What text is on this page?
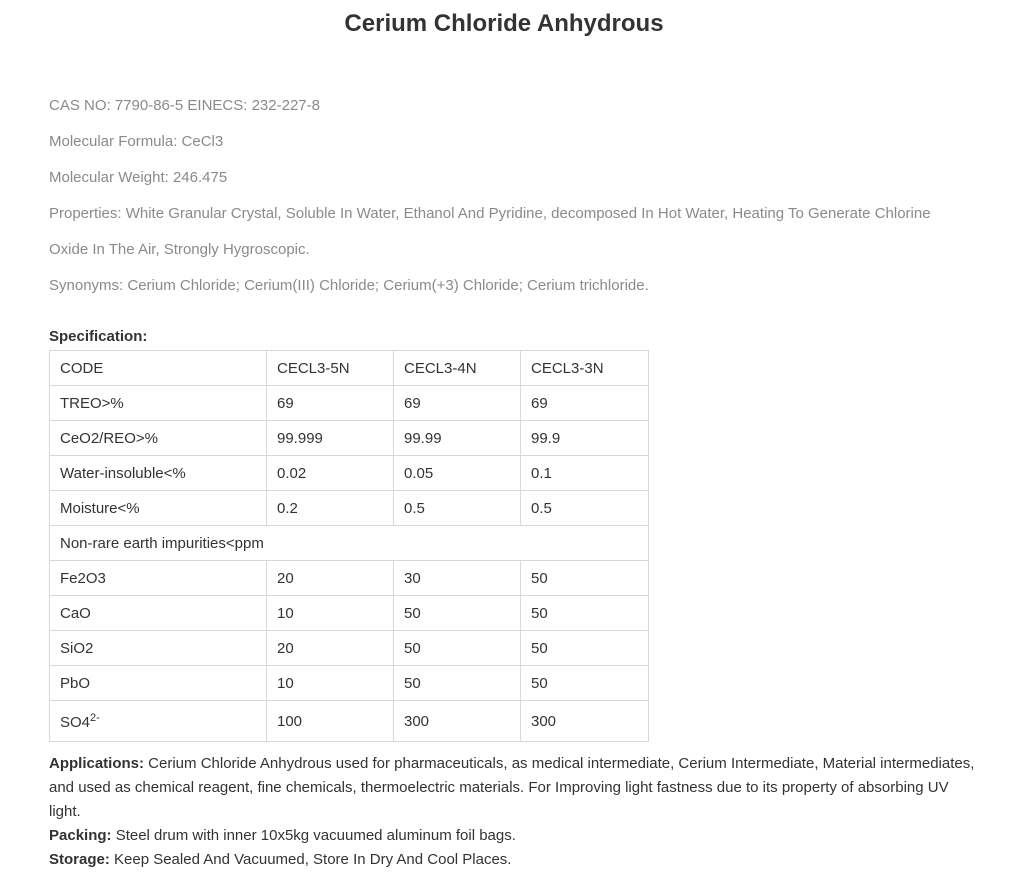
Cerium Chloride Anhydrous

CAS NO: 7790-86-5 EINECS: 232-227-8

Molecular Formula: CeCl3

Molecular Weight: 246.475

Properties: White Granular Crystal, Soluble In Water, Ethanol And Pyridine, decomposed In Hot Water, Heating To Generate Chlorine

Oxide In The Air, Strongly Hygroscopic.

Synonyms: Cerium Chloride; Cerium(III) Chloride; Cerium(+3) Chloride; Cerium trichloride.

Specification:
CODE	CECL3-5N	CECL3-4N	CECL3-3N
TREO>%	69	69	69
CeO2/REO>%	99.999	99.99	99.9
Water-insoluble<%	0.02	0.05	0.1
Moisture<%	0.2	0.5	0.5
Non-rare earth impurities<ppm			
Fe2O3	20	30	50
CaO	10	50	50
SiO2	20	50	50
PbO	10	50	50
$SO4^{2-}$	100	300	300

Applications: Cerium Chloride Anhydrous used for pharmaceuticals, as medical intermediate, Cerium Intermediate, Material intermediates, and used as chemical reagent, fine chemicals, thermoelectric materials. For Improving light fastness due to its property of absorbing UV light.

Packing: Steel drum with inner 10x5kg vacuumed aluminum foil bags.

Storage: Keep Sealed And Vacuumed, Store In Dry And Cool Places.
